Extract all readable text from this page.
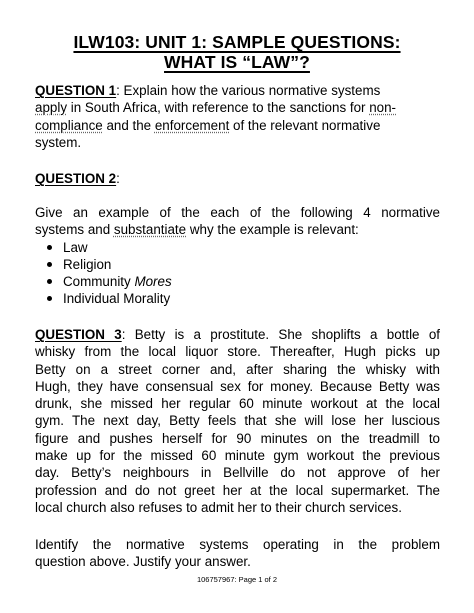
ILW103: UNIT 1: SAMPLE QUESTIONS:
WHAT IS “LAW”?
QUESTION 1: Explain how the various normative systems
apply in South Africa, with reference to the sanctions for non-
compliance and the enforcement of the relevant normative
system.
QUESTION 2:
Give an example of the each of the following 4 normative
systems and substantiate why the example is relevant:
Law
Religion
Community Mores
Individual Morality
QUESTION 3: Betty is a prostitute. She shoplifts a bottle of
whisky from the local liquor store. Thereafter, Hugh picks up
Betty on a street corner and, after sharing the whisky with
Hugh, they have consensual sex for money. Because Betty was
drunk, she missed her regular 60 minute workout at the local
gym. The next day, Betty feels that she will lose her luscious
figure and pushes herself for 90 minutes on the treadmill to
make up for the missed 60 minute gym workout the previous
day. Betty’s neighbours in Bellville do not approve of her
profession and do not greet her at the local supermarket. The
local church also refuses to admit her to their church services.
Identify the normative systems operating in the problem
question above. Justify your answer.
106757967: Page 1 of 2
